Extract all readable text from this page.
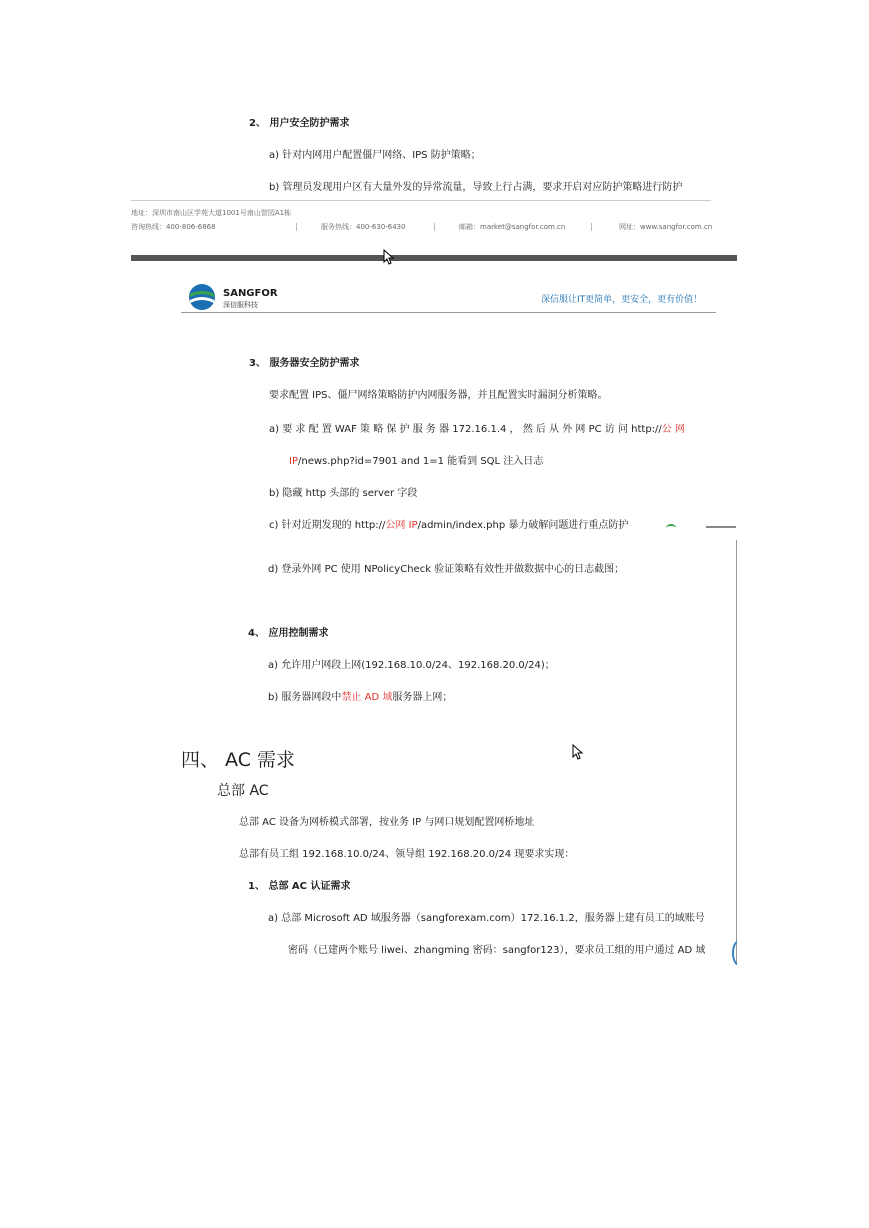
2、 用户安全防护需求
a) 针对内网用户配置僵尸网络、IPS 防护策略；
b) 管理员发现用户区有大量外发的异常流量，导致上行占满，要求开启对应防护策略进行防护
地址：深圳市南山区学苑大道1001号南山智园A1栋
咨询热线：400-806-6868	服务热线：400-630-6430	邮箱：market@sangfor.com.cn	网址：www.sangfor.com.cn
SANGFOR
深信服科技	深信服让IT更简单，更安全，更有价值！
3、 服务器安全防护需求
要求配置 IPS、僵尸网络策略防护内网服务器，并且配置实时漏洞分析策略。
a) 要 求 配 置 WAF 策 略 保 护 服 务 器 172.16.1.4 ， 然 后 从 外 网 PC 访 问 http://公 网
IP/news.php?id=7901 and 1=1 能看到 SQL 注入日志
b) 隐藏 http 头部的 server 字段
c) 针对近期发现的 http://公网 IP/admin/index.php 暴力破解问题进行重点防护
d) 登录外网 PC 使用 NPolicyCheck 验证策略有效性并做数据中心的日志截图；
4、 应用控制需求
a) 允许用户网段上网(192.168.10.0/24、192.168.20.0/24)；
b) 服务器网段中禁止 AD 域服务器上网；
四、 AC 需求
总部 AC
总部 AC 设备为网桥模式部署，按业务 IP 与网口规划配置网桥地址
总部有员工组 192.168.10.0/24、领导组 192.168.20.0/24 现要求实现：
1、 总部 AC 认证需求
a) 总部 Microsoft AD 域服务器（sangforexam.com）172.16.1.2，服务器上建有员工的域账号
密码（已建两个账号 liwei、zhangming 密码：sangfor123），要求员工组的用户通过 AD 域
